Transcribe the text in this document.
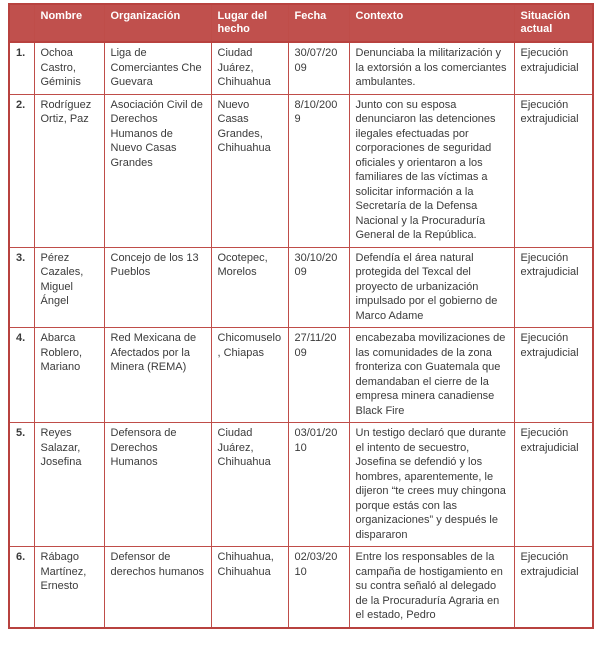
	Nombre	Organización	Lugar del hecho	Fecha	Contexto	Situación actual
1.	Ochoa Castro, Géminis	Liga de Comerciantes Che Guevara	Ciudad Juárez, Chihuahua	30/07/2009	Denunciaba la militarización y la extorsión a los comerciantes ambulantes.	Ejecución extrajudicial
2.	Rodríguez Ortiz, Paz	Asociación Civil de Derechos Humanos de Nuevo Casas Grandes	Nuevo Casas Grandes, Chihuahua	8/10/2009	Junto con su esposa denunciaron las detenciones ilegales efectuadas por corporaciones de seguridad oficiales y orientaron a los familiares de las víctimas a solicitar información a la Secretaría de la Defensa Nacional y la Procuraduría General de la República.	Ejecución extrajudicial
3.	Pérez Cazales, Miguel Ángel	Concejo de los 13 Pueblos	Ocotepec, Morelos	30/10/2009	Defendía el área natural protegida del Texcal del proyecto de urbanización impulsado por el gobierno de Marco Adame	Ejecución extrajudicial
4.	Abarca Roblero, Mariano	Red Mexicana de Afectados por la Minera (REMA)	Chicomuselo , Chiapas	27/11/2009	encabezaba movilizaciones de las comunidades de la zona fronteriza con Guatemala que demandaban el cierre de la empresa minera canadiense Black Fire	Ejecución extrajudicial
5.	Reyes Salazar, Josefina	Defensora de Derechos Humanos	Ciudad Juárez, Chihuahua	03/01/2010	Un testigo declaró que durante el intento de secuestro, Josefina se defendió y los hombres, aparentemente, le dijeron “te crees muy chingona porque estás con las organizaciones” y después le dispararon	Ejecución extrajudicial
6.	Rábago Martínez, Ernesto	Defensor de derechos humanos	Chihuahua, Chihuahua	02/03/2010	Entre los responsables de la campaña de hostigamiento en su contra señaló al delegado de la Procuraduría Agraria en el estado, Pedro	Ejecución extrajudicial
